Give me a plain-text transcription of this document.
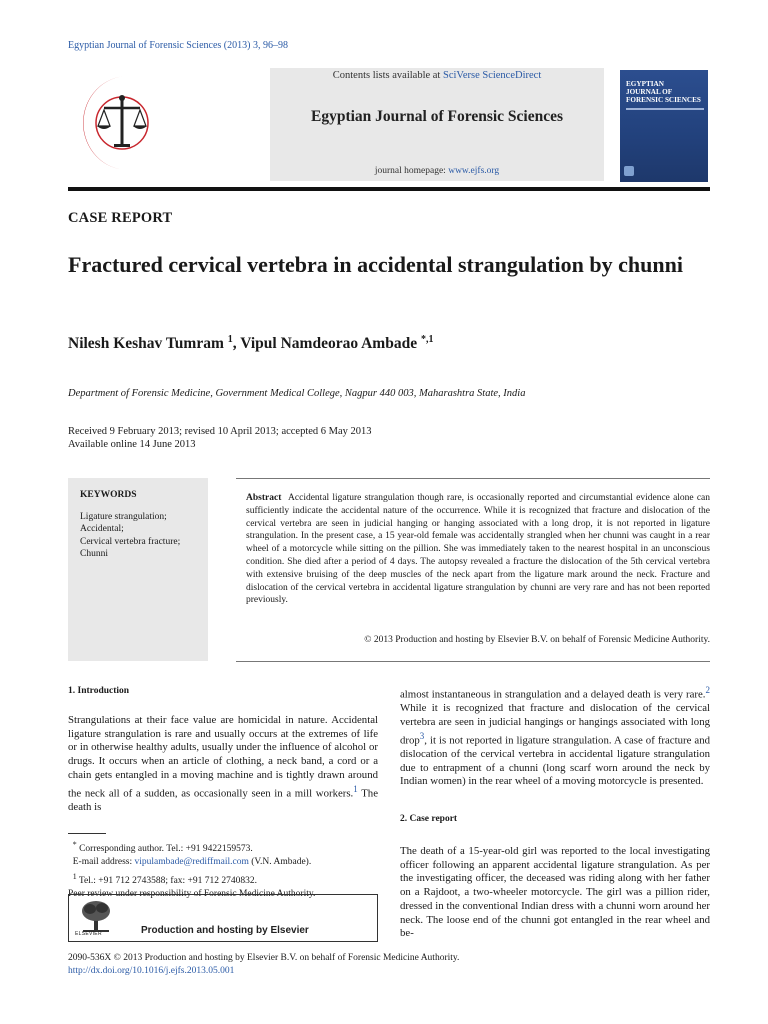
Egyptian Journal of Forensic Sciences (2013) 3, 96–98
Contents lists available at SciVerse ScienceDirect
Egyptian Journal of Forensic Sciences
journal homepage: www.ejfs.org
EGYPTIAN
JOURNAL OF
FORENSIC SCIENCES
CASE REPORT
Fractured cervical vertebra in accidental strangulation by chunni
Nilesh Keshav Tumram $^1$, Vipul Namdeorao Ambade $^{*,1}$
Department of Forensic Medicine, Government Medical College, Nagpur 440 003, Maharashtra State, India
Received 9 February 2013; revised 10 April 2013; accepted 6 May 2013
Available online 14 June 2013
KEYWORDS
Ligature strangulation;
Accidental;
Cervical vertebra fracture;
Chunni
Abstract Accidental ligature strangulation though rare, is occasionally reported and circumstantial evidence alone can sufficiently indicate the accidental nature of the occurrence. While it is recognized that fracture and dislocation of the cervical vertebra are seen in judicial hanging or hanging associated with a long drop, it is not reported in ligature strangulation. In the present case, a 15 year-old female was accidentally strangled when her chunni was caught in a rear wheel of a motorcycle while sitting on the pillion. She was immediately taken to the nearest hospital in an unconscious condition. She died after a period of 4 days. The autopsy revealed a fracture the dislocation of the 5th cervical vertebra with extensive bruising of the deep muscles of the neck apart from the ligature mark around the neck. Fracture and dislocation of the cervical vertebra in accidental ligature strangulation by chunni are very rare and has not been reported previously.
© 2013 Production and hosting by Elsevier B.V. on behalf of Forensic Medicine Authority.
1. Introduction
Strangulations at their face value are homicidal in nature. Accidental ligature strangulation is rare and usually occurs at the extremes of life or in otherwise healthy adults, usually under the influence of alcohol or drugs. It occurs when an article of clothing, a neck band, a cord or a chain gets entangled in a moving machine and is tightly drawn around the neck all of a sudden, as occasionally seen in a mill workers.$^1$ The death is
* Corresponding author. Tel.: +91 9422159573.
E-mail address: vipulambade@rediffmail.com (V.N. Ambade).
$^1$ Tel.: +91 712 2743588; fax: +91 712 2740832.
Peer review under responsibility of Forensic Medicine Authority.
ELSEVIER	Production and hosting by Elsevier
almost instantaneous in strangulation and a delayed death is very rare.$^2$ While it is recognized that fracture and dislocation of the cervical vertebra are seen in judicial hangings or hangings associated with long drop$^3$, it is not reported in ligature strangulation. A case of fracture and dislocation of the cervical vertebra in accidental ligature strangulation due to entrapment of a chunni (long scarf worn around the neck by Indian women) in the rear wheel of a moving motorcycle is presented.
2. Case report
The death of a 15-year-old girl was reported to the local investigating officer following an apparent accidental ligature strangulation. As per the investigating officer, the deceased was riding along with her father on a Rajdoot, a two-wheeler motorcycle. The girl was a pillion rider, dressed in the conventional Indian dress with a chunni worn around her neck. The loose end of the chunni got entangled in the rear wheel and be-
2090-536X © 2013 Production and hosting by Elsevier B.V. on behalf of Forensic Medicine Authority.
http://dx.doi.org/10.1016/j.ejfs.2013.05.001
